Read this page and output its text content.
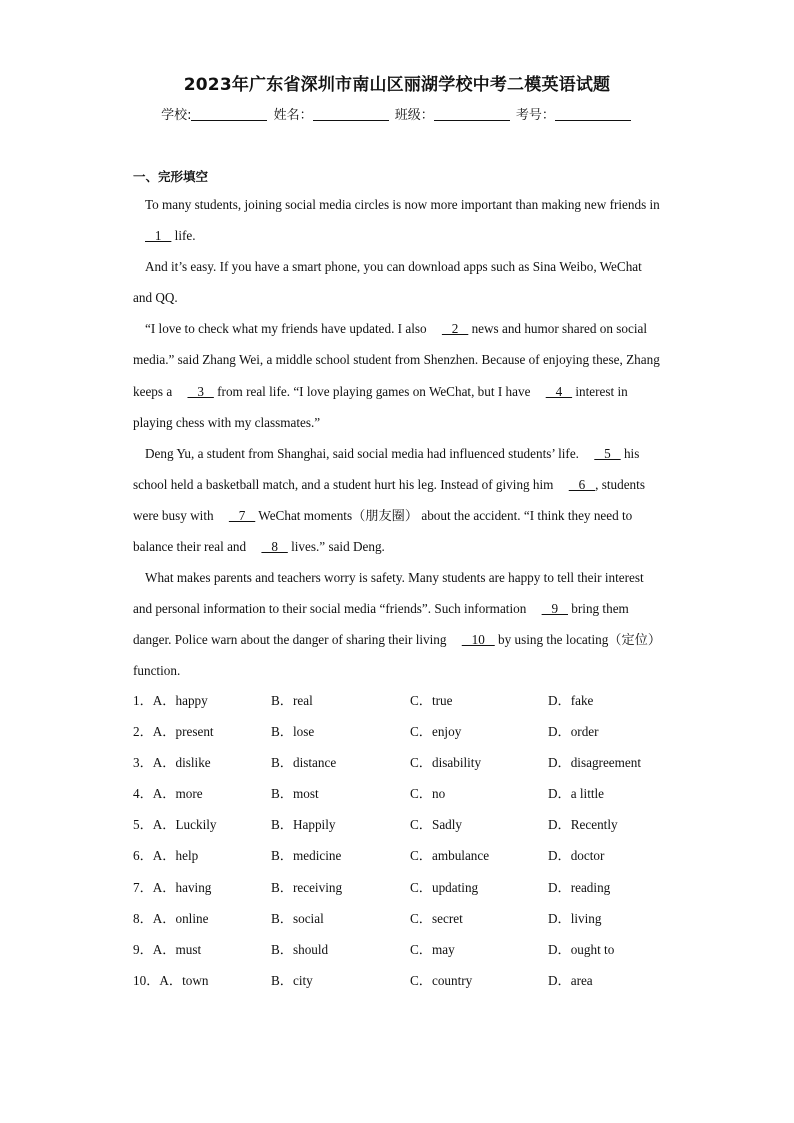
2023年广东省深圳市南山区丽湖学校中考二模英语试题
学校:	姓名：	班级：	考号：
一、完形填空

To many students, joining social media circles is now more important than making new friends in    1    life.

And it’s easy. If you have a smart phone, you can download apps such as Sina Weibo, WeChat and QQ.

“I love to check what my friends have updated. I also    2    news and humor shared on social media.” said Zhang Wei, a middle school student from Shenzhen. Because of enjoying these, Zhang keeps a    3    from real life. “I love playing games on WeChat, but I have    4    interest in playing chess with my classmates.”

Deng Yu, a student from Shanghai, said social media had influenced students’ life.    5    his school held a basketball match, and a student hurt his leg. Instead of giving him    6   , students were busy with    7    WeChat moments（朋友圈） about the accident. “I think they need to balance their real and    8    lives.” said Deng.

What makes parents and teachers worry is safety. Many students are happy to tell their interest and personal information to their social media “friends”. Such information    9    bring them danger. Police warn about the danger of sharing their living    10    by using the locating（定位）function.

1．A．happy	B．real	C．true	D．fake
2．A．present	B．lose	C．enjoy	D．order
3．A．dislike	B．distance	C．disability	D．disagreement
4．A．more	B．most	C．no	D．a little
5．A．Luckily	B．Happily	C．Sadly	D．Recently
6．A．help	B．medicine	C．ambulance	D．doctor
7．A．having	B．receiving	C．updating	D．reading
8．A．online	B．social	C．secret	D．living
9．A．must	B．should	C．may	D．ought to
10．A．town	B．city	C．country	D．area
